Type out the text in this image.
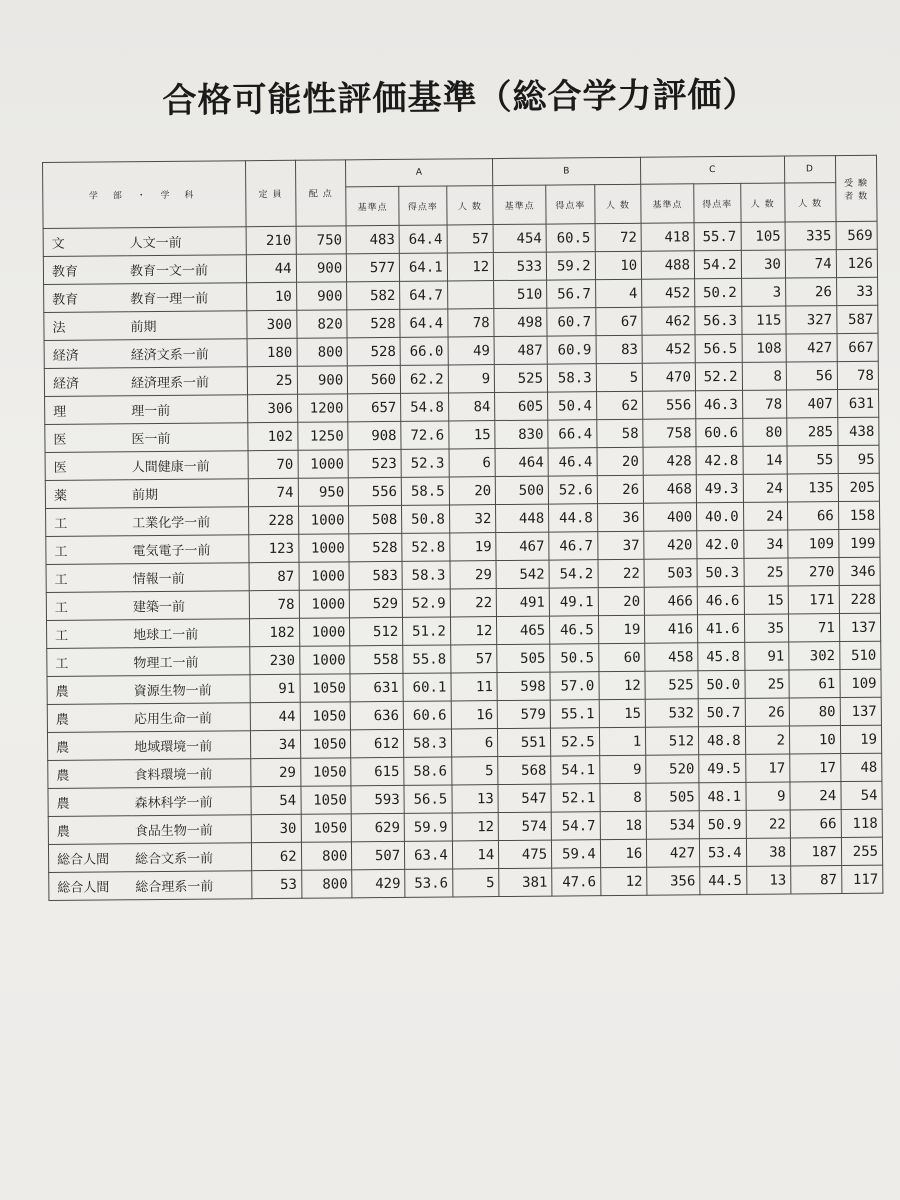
合格可能性評価基準（総合学力評価）
学 部 ・ 学 科		定 員	配 点	A			B			C			D	受 験
者 数
				基準点	得点率	人 数	基準点	得点率	人 数	基準点	得点率	人 数	人 数	
文	人文一前	210	750	483	64.4	57	454	60.5	72	418	55.7	105	335	569
教育	教育一文一前	44	900	577	64.1	12	533	59.2	10	488	54.2	30	74	126
教育	教育一理一前	10	900	582	64.7		510	56.7	4	452	50.2	3	26	33
法	前期	300	820	528	64.4	78	498	60.7	67	462	56.3	115	327	587
経済	経済文系一前	180	800	528	66.0	49	487	60.9	83	452	56.5	108	427	667
経済	経済理系一前	25	900	560	62.2	9	525	58.3	5	470	52.2	8	56	78
理	理一前	306	1200	657	54.8	84	605	50.4	62	556	46.3	78	407	631
医	医一前	102	1250	908	72.6	15	830	66.4	58	758	60.6	80	285	438
医	人間健康一前	70	1000	523	52.3	6	464	46.4	20	428	42.8	14	55	95
薬	前期	74	950	556	58.5	20	500	52.6	26	468	49.3	24	135	205
工	工業化学一前	228	1000	508	50.8	32	448	44.8	36	400	40.0	24	66	158
工	電気電子一前	123	1000	528	52.8	19	467	46.7	37	420	42.0	34	109	199
工	情報一前	87	1000	583	58.3	29	542	54.2	22	503	50.3	25	270	346
工	建築一前	78	1000	529	52.9	22	491	49.1	20	466	46.6	15	171	228
工	地球工一前	182	1000	512	51.2	12	465	46.5	19	416	41.6	35	71	137
工	物理工一前	230	1000	558	55.8	57	505	50.5	60	458	45.8	91	302	510
農	資源生物一前	91	1050	631	60.1	11	598	57.0	12	525	50.0	25	61	109
農	応用生命一前	44	1050	636	60.6	16	579	55.1	15	532	50.7	26	80	137
農	地域環境一前	34	1050	612	58.3	6	551	52.5	1	512	48.8	2	10	19
農	食料環境一前	29	1050	615	58.6	5	568	54.1	9	520	49.5	17	17	48
農	森林科学一前	54	1050	593	56.5	13	547	52.1	8	505	48.1	9	24	54
農	食品生物一前	30	1050	629	59.9	12	574	54.7	18	534	50.9	22	66	118
総合人間	総合文系一前	62	800	507	63.4	14	475	59.4	16	427	53.4	38	187	255
総合人間	総合理系一前	53	800	429	53.6	5	381	47.6	12	356	44.5	13	87	117
